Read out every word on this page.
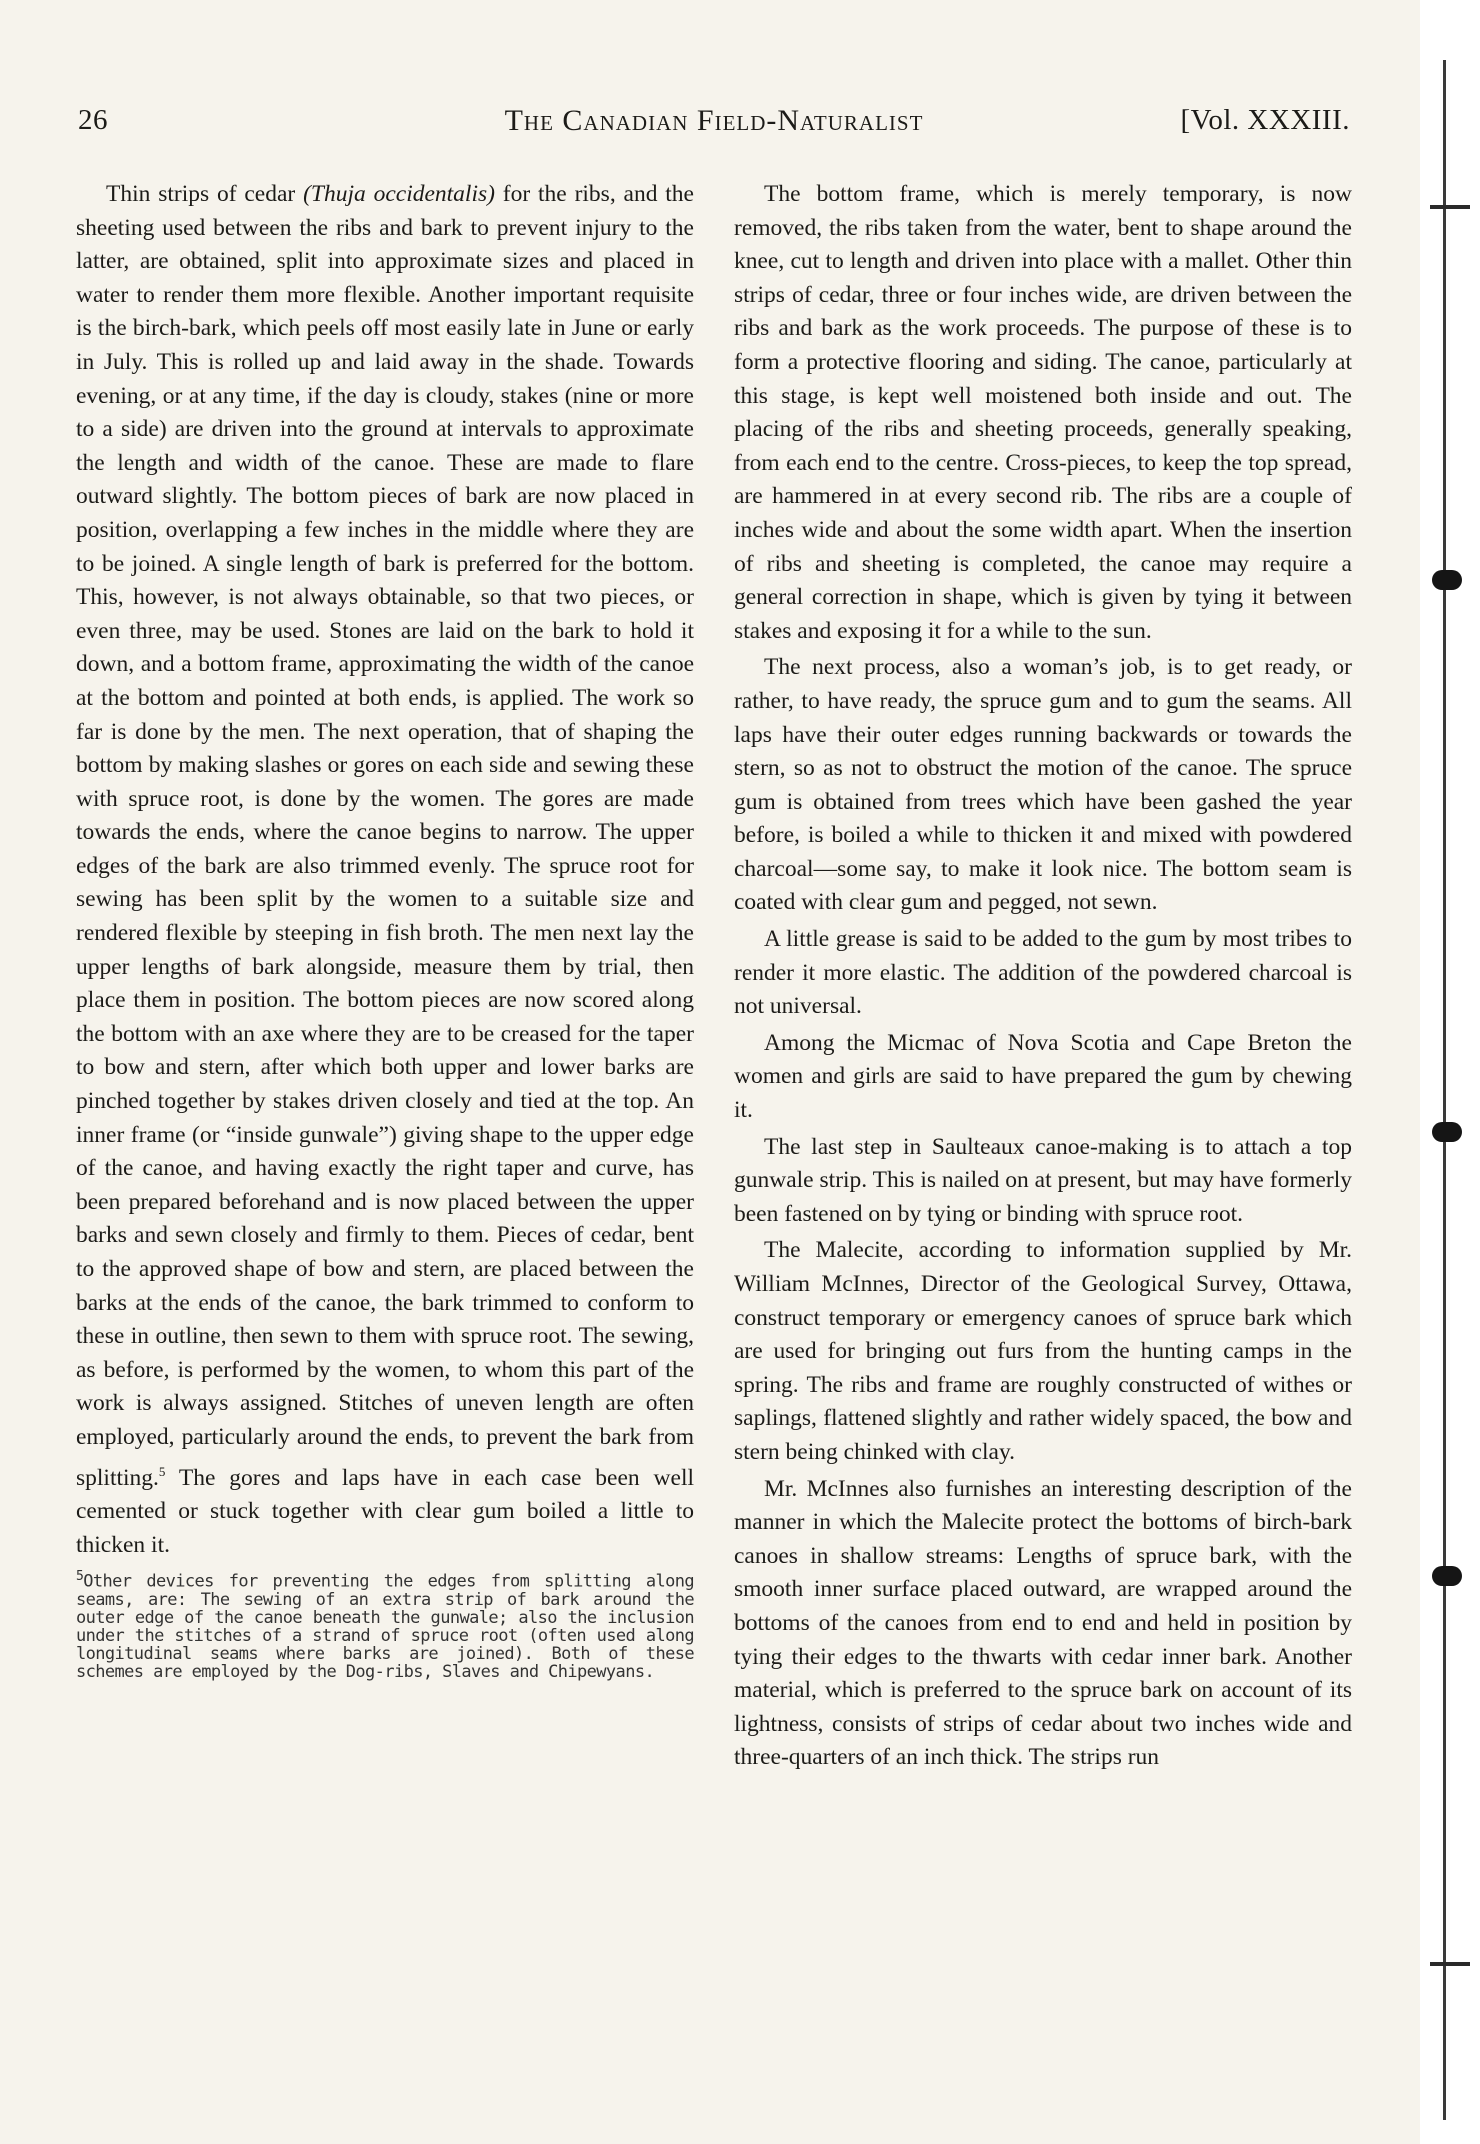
26	The Canadian Field-Naturalist	[Vol. XXXIII.

Thin strips of cedar (Thuja occidentalis) for the ribs, and the sheeting used between the ribs and bark to prevent injury to the latter, are obtained, split into approximate sizes and placed in water to render them more flexible. Another important requisite is the birch-bark, which peels off most easily late in June or early in July. This is rolled up and laid away in the shade. Towards evening, or at any time, if the day is cloudy, stakes (nine or more to a side) are driven into the ground at intervals to approximate the length and width of the canoe. These are made to flare outward slightly. The bottom pieces of bark are now placed in position, overlapping a few inches in the middle where they are to be joined. A single length of bark is preferred for the bottom. This, however, is not always obtainable, so that two pieces, or even three, may be used. Stones are laid on the bark to hold it down, and a bottom frame, approximating the width of the canoe at the bottom and pointed at both ends, is applied. The work so far is done by the men. The next operation, that of shaping the bottom by making slashes or gores on each side and sewing these with spruce root, is done by the women. The gores are made towards the ends, where the canoe begins to narrow. The upper edges of the bark are also trimmed evenly. The spruce root for sewing has been split by the women to a suitable size and rendered flexible by steeping in fish broth. The men next lay the upper lengths of bark alongside, measure them by trial, then place them in position. The bottom pieces are now scored along the bottom with an axe where they are to be creased for the taper to bow and stern, after which both upper and lower barks are pinched together by stakes driven closely and tied at the top. An inner frame (or “inside gunwale”) giving shape to the upper edge of the canoe, and having exactly the right taper and curve, has been prepared beforehand and is now placed between the upper barks and sewn closely and firmly to them. Pieces of cedar, bent to the approved shape of bow and stern, are placed between the barks at the ends of the canoe, the bark trimmed to conform to these in outline, then sewn to them with spruce root. The sewing, as before, is performed by the women, to whom this part of the work is always assigned. Stitches of uneven length are often employed, particularly around the ends, to prevent the bark from splitting.$^5$ The gores and laps have in each case been well cemented or stuck together with clear gum boiled a little to thicken it.

$^5$Other devices for preventing the edges from splitting along seams, are: The sewing of an extra strip of bark around the outer edge of the canoe beneath the gunwale; also the inclusion under the stitches of a strand of spruce root (often used along longitudinal seams where barks are joined). Both of these schemes are employed by the Dog-ribs, Slaves and Chipewyans.

The bottom frame, which is merely temporary, is now removed, the ribs taken from the water, bent to shape around the knee, cut to length and driven into place with a mallet. Other thin strips of cedar, three or four inches wide, are driven between the ribs and bark as the work proceeds. The purpose of these is to form a protective flooring and siding. The canoe, particularly at this stage, is kept well moistened both inside and out. The placing of the ribs and sheeting proceeds, generally speaking, from each end to the centre. Cross-pieces, to keep the top spread, are hammered in at every second rib. The ribs are a couple of inches wide and about the some width apart. When the insertion of ribs and sheeting is completed, the canoe may require a general correction in shape, which is given by tying it between stakes and exposing it for a while to the sun.

The next process, also a woman’s job, is to get ready, or rather, to have ready, the spruce gum and to gum the seams. All laps have their outer edges running backwards or towards the stern, so as not to obstruct the motion of the canoe. The spruce gum is obtained from trees which have been gashed the year before, is boiled a while to thicken it and mixed with powdered charcoal—some say, to make it look nice. The bottom seam is coated with clear gum and pegged, not sewn.

A little grease is said to be added to the gum by most tribes to render it more elastic. The addition of the powdered charcoal is not universal.

Among the Micmac of Nova Scotia and Cape Breton the women and girls are said to have prepared the gum by chewing it.

The last step in Saulteaux canoe-making is to attach a top gunwale strip. This is nailed on at present, but may have formerly been fastened on by tying or binding with spruce root.

The Malecite, according to information supplied by Mr. William McInnes, Director of the Geological Survey, Ottawa, construct temporary or emergency canoes of spruce bark which are used for bringing out furs from the hunting camps in the spring. The ribs and frame are roughly constructed of withes or saplings, flattened slightly and rather widely spaced, the bow and stern being chinked with clay.

Mr. McInnes also furnishes an interesting description of the manner in which the Malecite protect the bottoms of birch-bark canoes in shallow streams: Lengths of spruce bark, with the smooth inner surface placed outward, are wrapped around the bottoms of the canoes from end to end and held in position by tying their edges to the thwarts with cedar inner bark. Another material, which is preferred to the spruce bark on account of its lightness, consists of strips of cedar about two inches wide and three-quarters of an inch thick. The strips run
